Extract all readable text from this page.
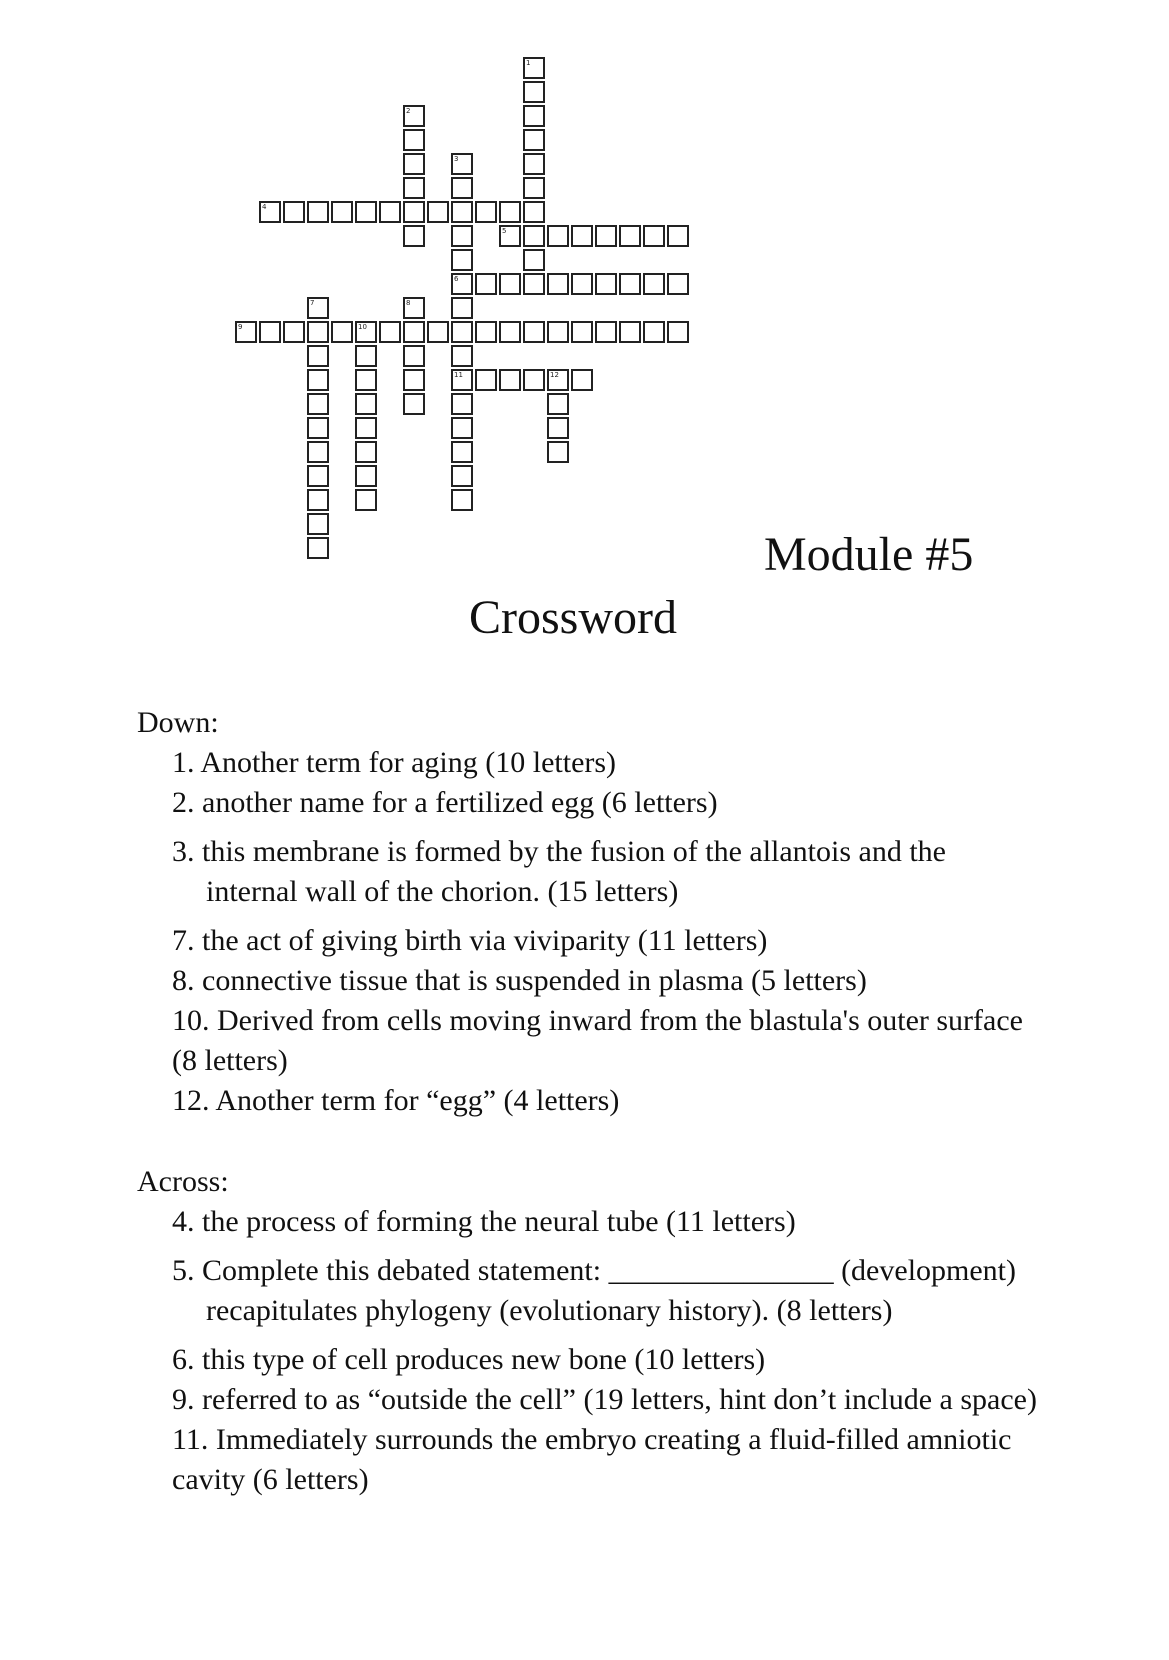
1
2
3
4
5
6
7	8
9	10
11	12
Module #5
Crossword

Down:

1. Another term for aging (10 letters)

2. another name for a fertilized egg (6 letters)

3. this membrane is formed by the fusion of the allantois and the internal wall of the chorion. (15 letters)

7. the act of giving birth via viviparity (11 letters)

8. connective tissue that is suspended in plasma (5 letters)

10. Derived from cells moving inward from the blastula's outer surface (8 letters)

12. Another term for “egg” (4 letters)

Across:

4. the process of forming the neural tube (11 letters)

5. Complete this debated statement: _______________ (development) recapitulates phylogeny (evolutionary history). (8 letters)

6. this type of cell produces new bone (10 letters)

9. referred to as “outside the cell” (19 letters, hint don’t include a space)

11. Immediately surrounds the embryo creating a fluid-filled amniotic cavity (6 letters)
